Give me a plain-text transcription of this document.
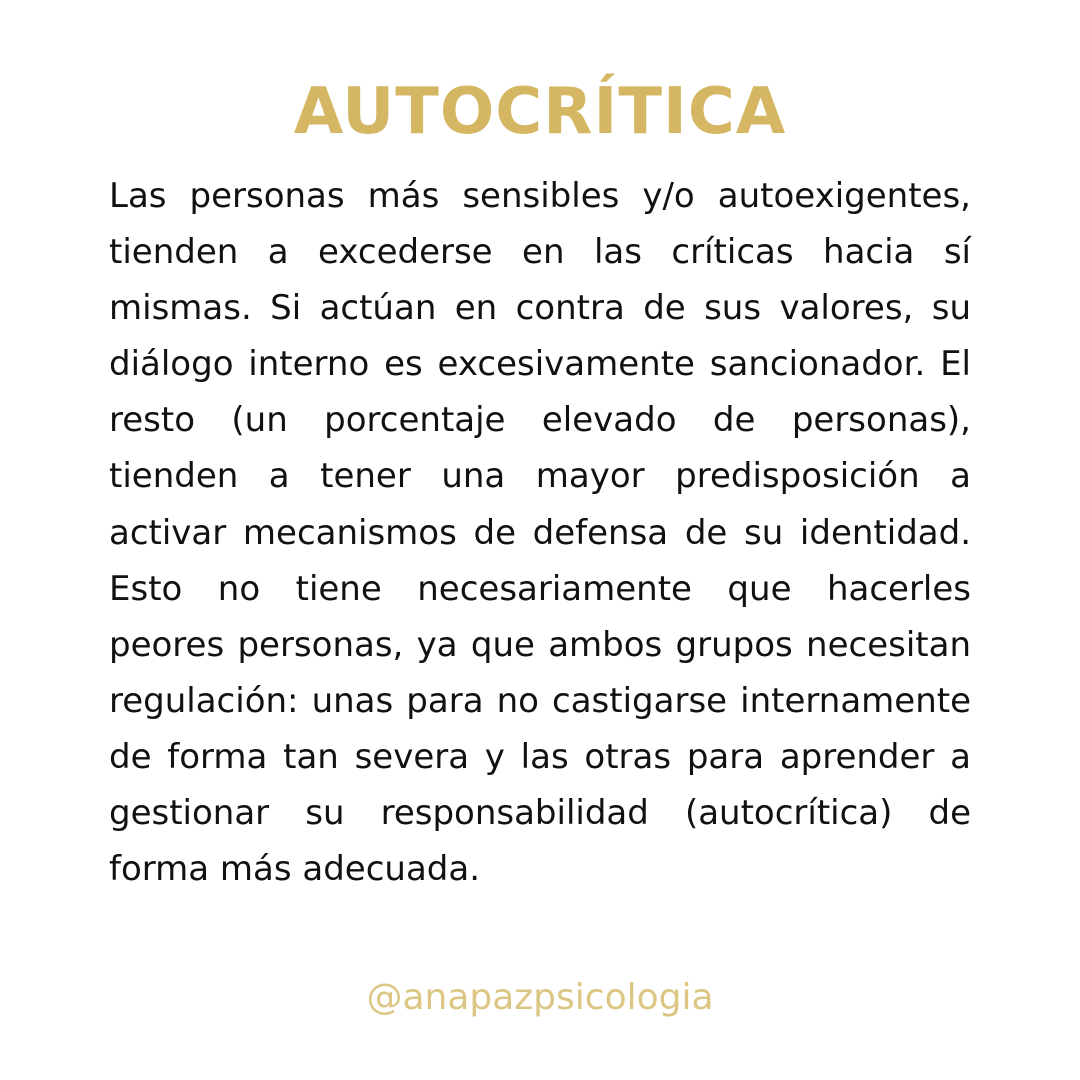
AUTOCRÍTICA

Las personas más sensibles y/o autoexigentes, tienden a excederse en las críticas hacia sí mismas. Si actúan en contra de sus valores, su diálogo interno es excesivamente sancionador. El resto (un porcentaje elevado de personas), tienden a tener una mayor predisposición a activar mecanismos de defensa de su identidad. Esto no tiene necesariamente que hacerles peores personas, ya que ambos grupos necesitan regulación: unas para no castigarse internamente de forma tan severa y las otras para aprender a gestionar su responsabilidad (autocrítica) de forma más adecuada.

@anapazpsicologia
